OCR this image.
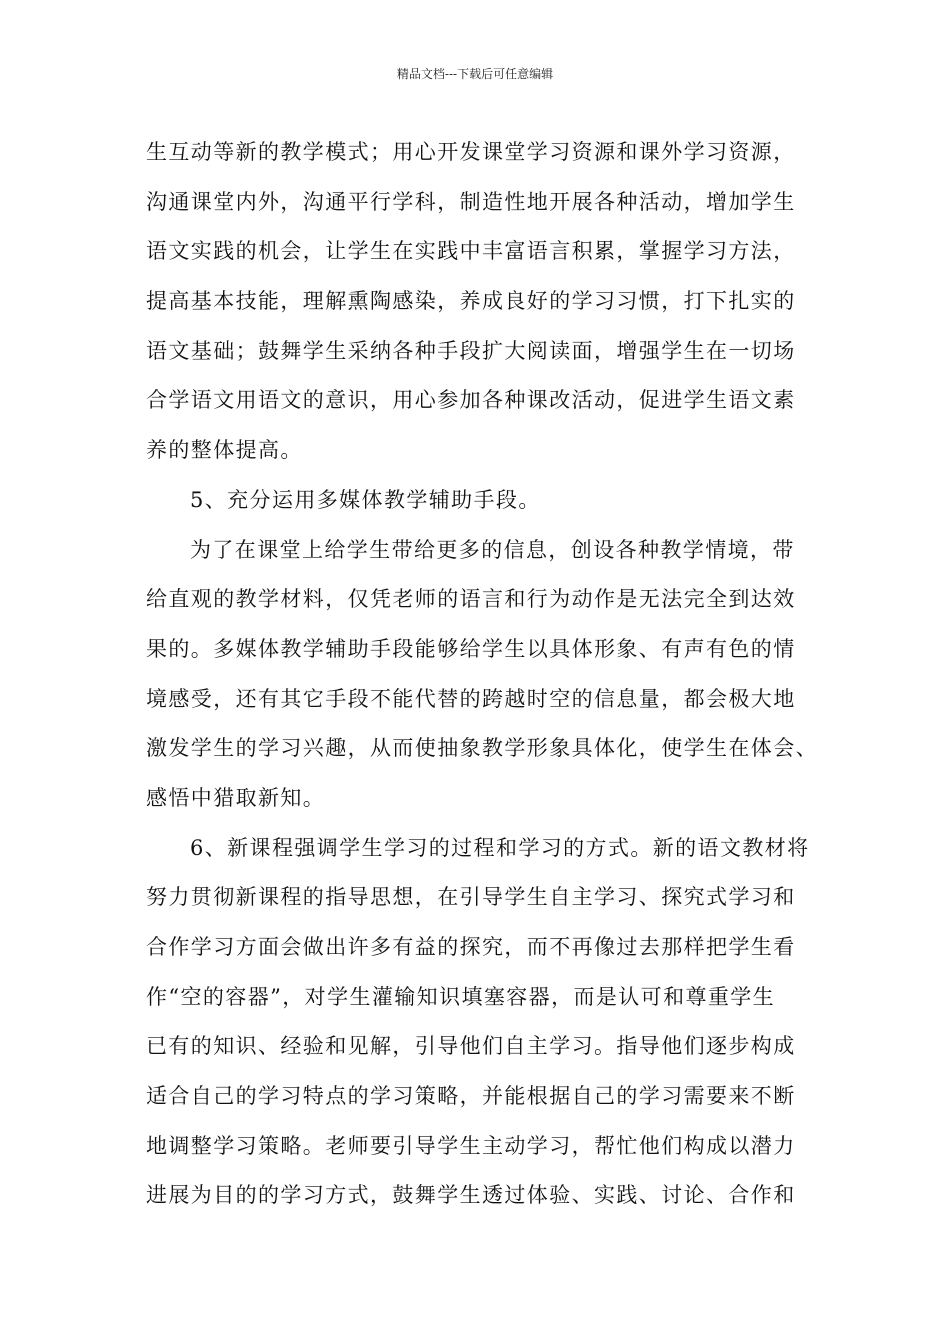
精品文档---下载后可任意编辑
生互动等新的教学模式；用心开发课堂学习资源和课外学习资源，
沟通课堂内外，沟通平行学科，制造性地开展各种活动，增加学生
语文实践的机会，让学生在实践中丰富语言积累，掌握学习方法，
提高基本技能，理解熏陶感染，养成良好的学习习惯，打下扎实的
语文基础；鼓舞学生采纳各种手段扩大阅读面，增强学生在一切场
合学语文用语文的意识，用心参加各种课改活动，促进学生语文素
养的整体提高。
5、充分运用多媒体教学辅助手段。
为了在课堂上给学生带给更多的信息，创设各种教学情境，带
给直观的教学材料，仅凭老师的语言和行为动作是无法完全到达效
果的。多媒体教学辅助手段能够给学生以具体形象、有声有色的情
境感受，还有其它手段不能代替的跨越时空的信息量，都会极大地
激发学生的学习兴趣，从而使抽象教学形象具体化，使学生在体会、
感悟中猎取新知。
6、新课程强调学生学习的过程和学习的方式。新的语文教材将
努力贯彻新课程的指导思想，在引导学生自主学习、探究式学习和
合作学习方面会做出许多有益的探究，而不再像过去那样把学生看
作“空的容器”，对学生灌输知识填塞容器，而是认可和尊重学生
已有的知识、经验和见解，引导他们自主学习。指导他们逐步构成
适合自己的学习特点的学习策略，并能根据自己的学习需要来不断
地调整学习策略。老师要引导学生主动学习，帮忙他们构成以潜力
进展为目的的学习方式，鼓舞学生透过体验、实践、讨论、合作和
